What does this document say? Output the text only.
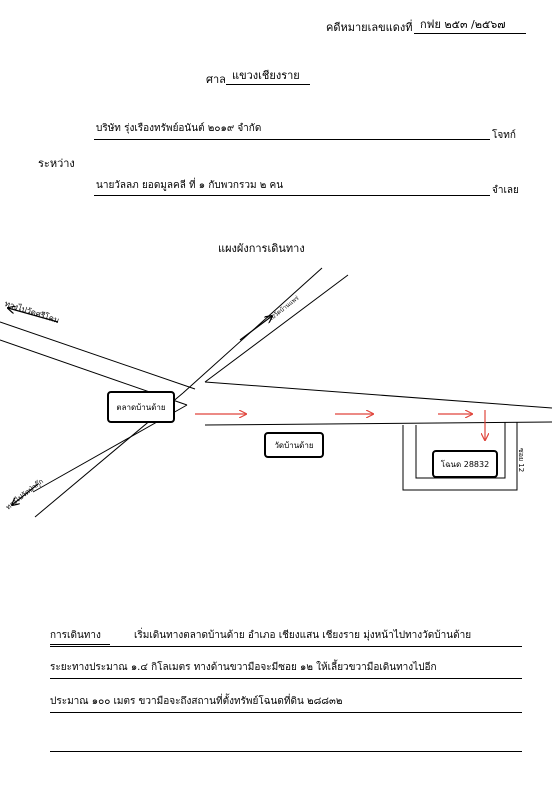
คดีหมายเลขแดงที่ กฟย ๒๕๓ /๒๕๖๗
ศาล แขวงเชียงราย
ระหว่าง
บริษัท รุ่งเรืองทรัพย์อนันต์ ๒๐๑๙ จำกัด
โจทก์
นายวัลลภ ยอดมูลคลี ที่ ๑ กับพวกรวม ๒ คน	จำเลย
แผงผังการเดินทาง
ทางไปวัดศรีโคม	ไปวัดบ้านแพร่
ทางไปวัดป่ากุ๊ก
ซอย 12
ตลาดบ้านด้าย
วัดบ้านด้าย
โฉนด 28832
การเดินทาง	เริ่มเดินทางตลาดบ้านด้าย อำเภอ เชียงแสน เชียงราย มุ่งหน้าไปทางวัดบ้านด้าย
ระยะทางประมาณ ๑.๔ กิโลเมตร ทางด้านขวามือจะมีซอย ๑๒ ให้เลี้ยวขวามือเดินทางไปอีก
ประมาณ ๑๐๐ เมตร ขวามือจะถึงสถานที่ตั้งทรัพย์โฉนดที่ดิน ๒๘๘๓๒
